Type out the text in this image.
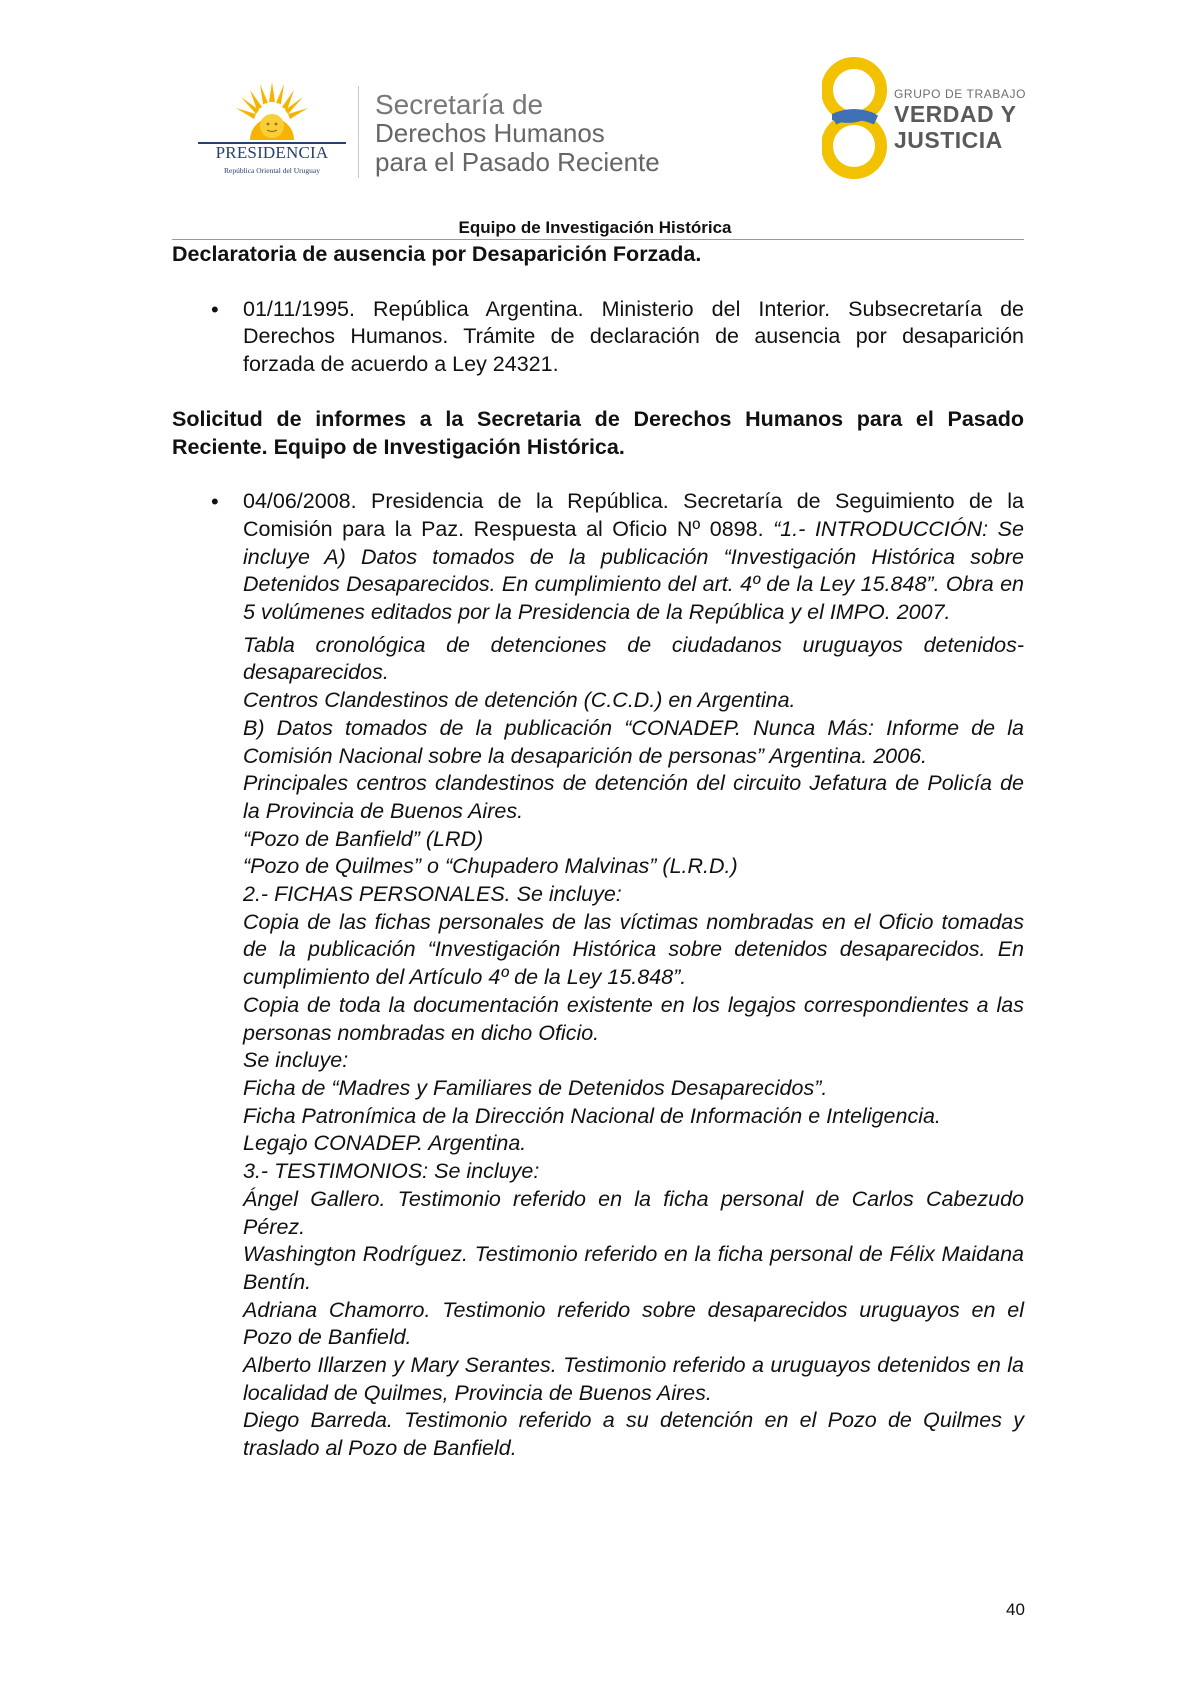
PRESIDENCIA
República Oriental del Uruguay
Secretaría de
Derechos Humanos
para el Pasado Reciente
GRUPO DE TRABAJO
VERDAD Y
JUSTICIA
Equipo de Investigación Histórica

Declaratoria de ausencia por Desaparición Forzada.

• 01/11/1995. República Argentina. Ministerio del Interior. Subsecretaría de Derechos Humanos. Trámite de declaración de ausencia por desaparición forzada de acuerdo a Ley 24321.

Solicitud de informes a la Secretaria de Derechos Humanos para el Pasado Reciente. Equipo de Investigación Histórica.

• 04/06/2008. Presidencia de la República. Secretaría de Seguimiento de la Comisión para la Paz. Respuesta al Oficio Nº 0898. “1.- INTRODUCCIÓN: Se incluye A) Datos tomados de la publicación “Investigación Histórica sobre Detenidos Desaparecidos. En cumplimiento del art. 4º de la Ley 15.848”. Obra en 5 volúmenes editados por la Presidencia de la República y el IMPO. 2007.

Tabla cronológica de detenciones de ciudadanos uruguayos detenidos-desaparecidos.

Centros Clandestinos de detención (C.C.D.) en Argentina.

B) Datos tomados de la publicación “CONADEP. Nunca Más: Informe de la Comisión Nacional sobre la desaparición de personas” Argentina. 2006.

Principales centros clandestinos de detención del circuito Jefatura de Policía de la Provincia de Buenos Aires.

“Pozo de Banfield” (LRD)

“Pozo de Quilmes” o “Chupadero Malvinas” (L.R.D.)

2.- FICHAS PERSONALES. Se incluye:

Copia de las fichas personales de las víctimas nombradas en el Oficio tomadas de la publicación “Investigación Histórica sobre detenidos desaparecidos. En cumplimiento del Artículo 4º de la Ley 15.848”.

Copia de toda la documentación existente en los legajos correspondientes a las personas nombradas en dicho Oficio.

Se incluye:

Ficha de “Madres y Familiares de Detenidos Desaparecidos”.

Ficha Patronímica de la Dirección Nacional de Información e Inteligencia.

Legajo CONADEP. Argentina.

3.- TESTIMONIOS: Se incluye:

Ángel Gallero. Testimonio referido en la ficha personal de Carlos Cabezudo Pérez.

Washington Rodríguez. Testimonio referido en la ficha personal de Félix Maidana Bentín.

Adriana Chamorro. Testimonio referido sobre desaparecidos uruguayos en el Pozo de Banfield.

Alberto Illarzen y Mary Serantes. Testimonio referido a uruguayos detenidos en la localidad de Quilmes, Provincia de Buenos Aires.

Diego Barreda. Testimonio referido a su detención en el Pozo de Quilmes y traslado al Pozo de Banfield.

40
